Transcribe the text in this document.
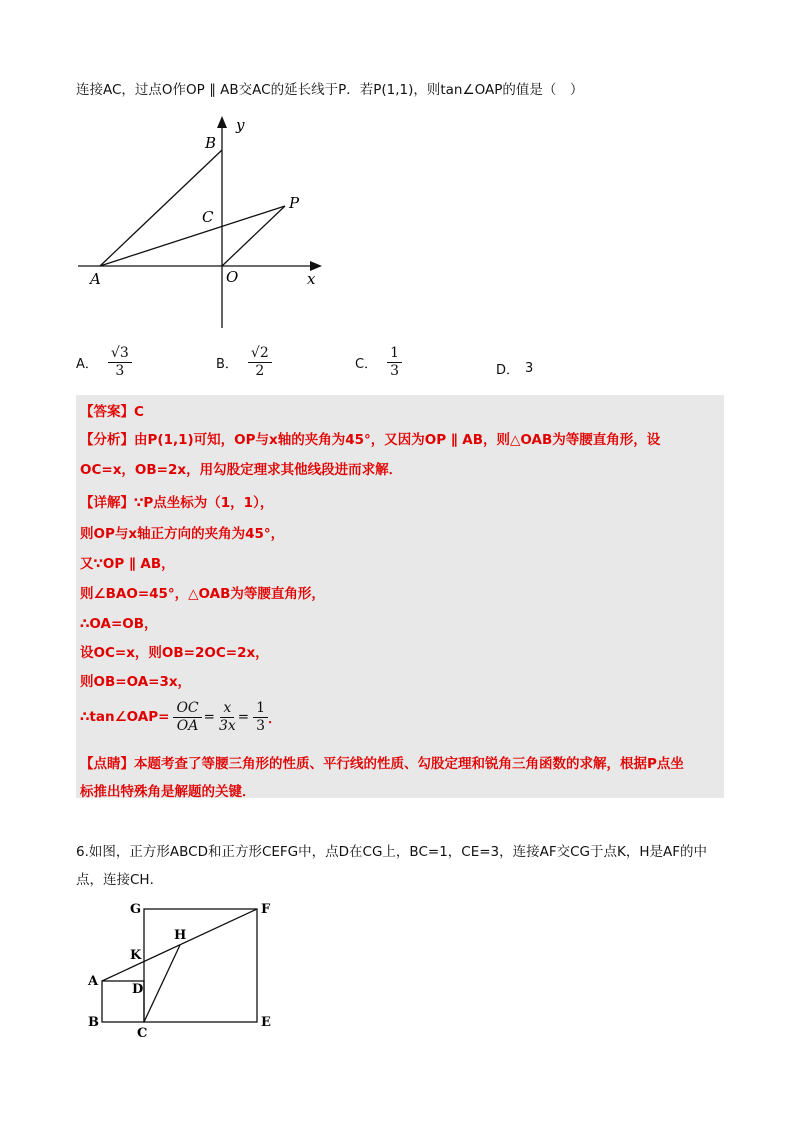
连接AC，过点O作OP ∥ AB交AC的延长线于P．若P(1,1)，则tan∠OAP的值是（　）
B
y
C
P
A	O	x
A． $\frac{√3}{3}$	B． $\frac{√2}{2}$	C． $\frac{1}{3}$	D． 3
【答案】C
【分析】由P(1,1)可知，OP与x轴的夹角为45°，又因为OP ∥ AB，则△OAB为等腰直角形，设
OC=x，OB=2x，用勾股定理求其他线段进而求解．
【详解】∵P点坐标为（1，1），
则OP与x轴正方向的夹角为45°，
又∵OP ∥ AB，
则∠BAO=45°，△OAB为等腰直角形，
∴OA=OB，
设OC=x，则OB=2OC=2x，
则OB=OA=3x，
∴tan∠OAP= $\frac{OC}{OA} = \frac{x}{3x} = \frac{1}{3}$ ．
【点睛】本题考查了等腰三角形的性质、平行线的性质、勾股定理和锐角三角函数的求解，根据P点坐
标推出特殊角是解题的关键．
6.如图，正方形ABCD和正方形CEFG中，点D在CG上，BC=1，CE=3，连接AF交CG于点K，H是AF的中
点，连接CH．
G	F
H
K
A
D
B
C
E
